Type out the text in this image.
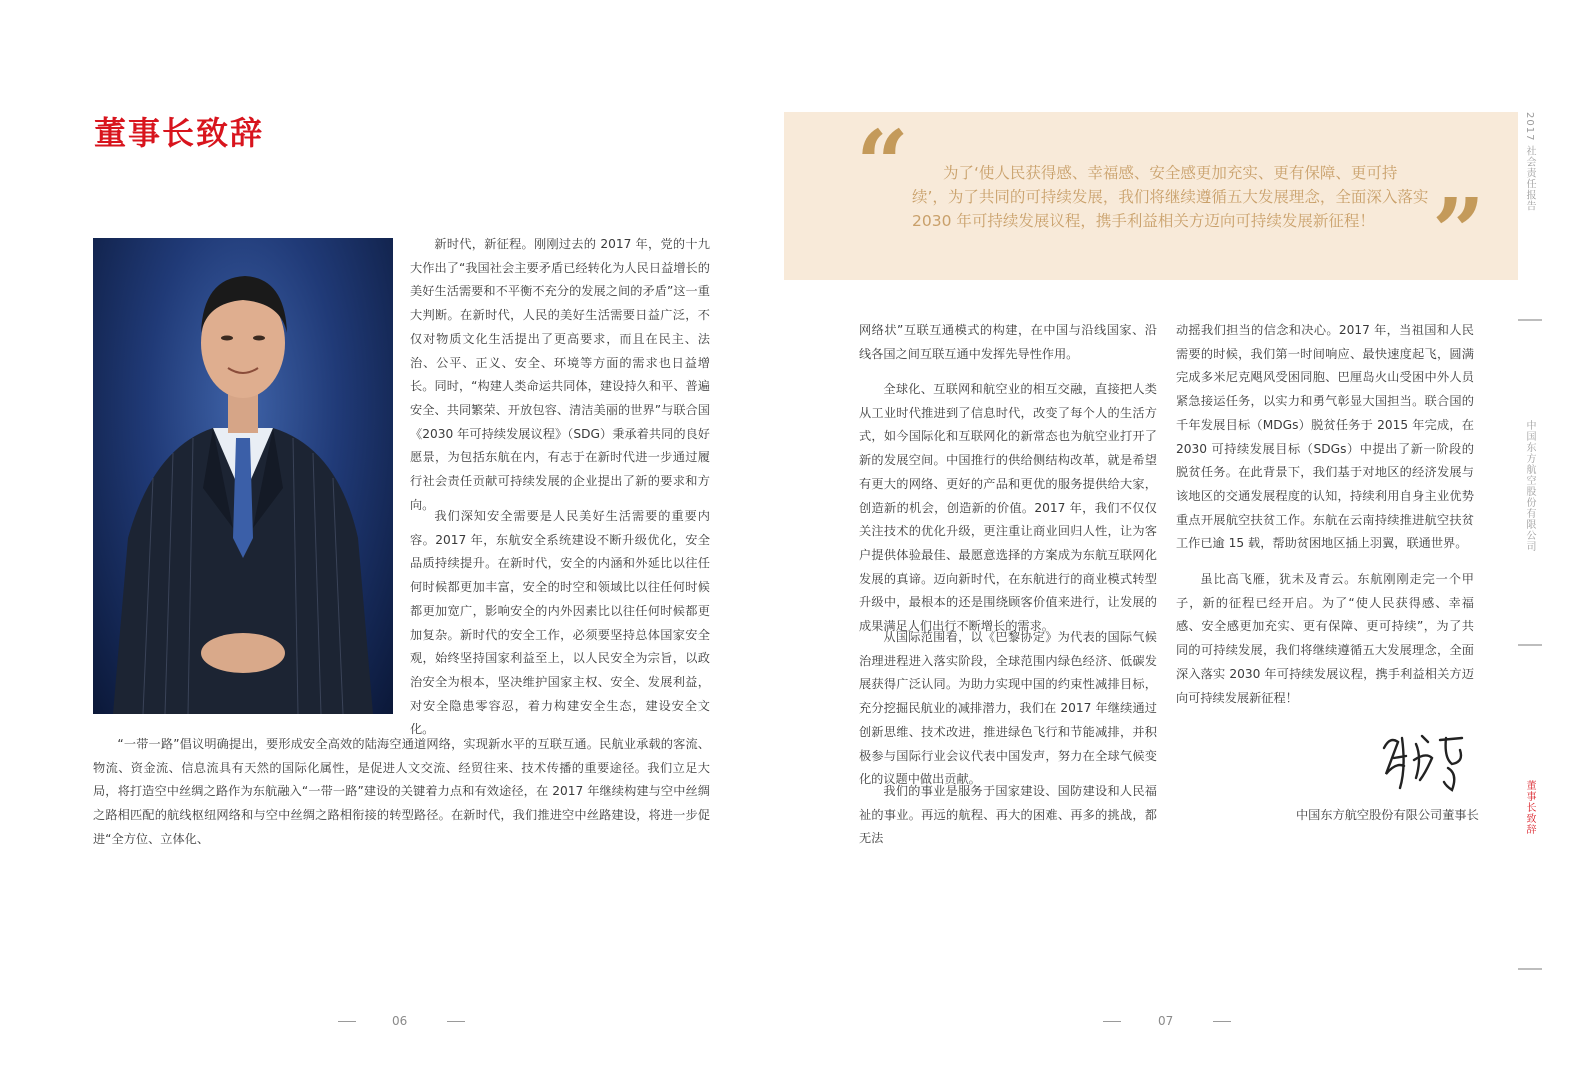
董事长致辞

新时代，新征程。刚刚过去的 2017 年，党的十九大作出了“我国社会主要矛盾已经转化为人民日益增长的美好生活需要和不平衡不充分的发展之间的矛盾”这一重大判断。在新时代，人民的美好生活需要日益广泛，不仅对物质文化生活提出了更高要求，而且在民主、法治、公平、正义、安全、环境等方面的需求也日益增长。同时，“构建人类命运共同体，建设持久和平、普遍安全、共同繁荣、开放包容、清洁美丽的世界”与联合国《2030 年可持续发展议程》（SDG）秉承着共同的良好愿景，为包括东航在内，有志于在新时代进一步通过履行社会责任贡献可持续发展的企业提出了新的要求和方向。

我们深知安全需要是人民美好生活需要的重要内容。2017 年，东航安全系统建设不断升级优化，安全品质持续提升。在新时代，安全的内涵和外延比以往任何时候都更加丰富，安全的时空和领域比以往任何时候都更加宽广，影响安全的内外因素比以往任何时候都更加复杂。新时代的安全工作，必须要坚持总体国家安全观，始终坚持国家利益至上，以人民安全为宗旨，以政治安全为根本，坚决维护国家主权、安全、发展利益，对安全隐患零容忍，着力构建安全生态，建设安全文化。

“一带一路”倡议明确提出，要形成安全高效的陆海空通道网络，实现新水平的互联互通。民航业承载的客流、物流、资金流、信息流具有天然的国际化属性，是促进人文交流、经贸往来、技术传播的重要途径。我们立足大局，将打造空中丝绸之路作为东航融入“一带一路”建设的关键着力点和有效途径，在 2017 年继续构建与空中丝绸之路相匹配的航线枢纽网络和与空中丝绸之路相衔接的转型路径。在新时代，我们推进空中丝路建设，将进一步促进“全方位、立体化、

“	为了‘使人民获得感、幸福感、安全感更加充实、更有保障、更可持续’，为了共同的可持续发展，我们将继续遵循五大发展理念，全面深入落实 2030 年可持续发展议程，携手利益相关方迈向可持续发展新征程！ ”

网络状”互联互通模式的构建，在中国与沿线国家、沿线各国之间互联互通中发挥先导性作用。

全球化、互联网和航空业的相互交融，直接把人类从工业时代推进到了信息时代，改变了每个人的生活方式，如今国际化和互联网化的新常态也为航空业打开了新的发展空间。中国推行的供给侧结构改革，就是希望有更大的网络、更好的产品和更优的服务提供给大家，创造新的机会，创造新的价值。2017 年，我们不仅仅关注技术的优化升级，更注重让商业回归人性，让为客户提供体验最佳、最愿意选择的方案成为东航互联网化发展的真谛。迈向新时代，在东航进行的商业模式转型升级中，最根本的还是围绕顾客价值来进行，让发展的成果满足人们出行不断增长的需求。

从国际范围看，以《巴黎协定》为代表的国际气候治理进程进入落实阶段，全球范围内绿色经济、低碳发展获得广泛认同。为助力实现中国的约束性减排目标，充分挖掘民航业的减排潜力，我们在 2017 年继续通过创新思维、技术改进，推进绿色飞行和节能减排，并积极参与国际行业会议代表中国发声，努力在全球气候变化的议题中做出贡献。

我们的事业是服务于国家建设、国防建设和人民福祉的事业。再远的航程、再大的困难、再多的挑战，都无法

动摇我们担当的信念和决心。2017 年，当祖国和人民需要的时候，我们第一时间响应、最快速度起飞，圆满完成多米尼克飓风受困同胞、巴厘岛火山受困中外人员紧急接运任务，以实力和勇气彰显大国担当。联合国的千年发展目标（MDGs）脱贫任务于 2015 年完成，在 2030 可持续发展目标（SDGs）中提出了新一阶段的脱贫任务。在此背景下，我们基于对地区的经济发展与该地区的交通发展程度的认知，持续利用自身主业优势重点开展航空扶贫工作。东航在云南持续推进航空扶贫工作已逾 15 载，帮助贫困地区插上羽翼，联通世界。

虽比高飞雁，犹未及青云。东航刚刚走完一个甲子，新的征程已经开启。为了“使人民获得感、幸福感、安全感更加充实、更有保障、更可持续”，为了共同的可持续发展，我们将继续遵循五大发展理念，全面深入落实 2030 年可持续发展议程，携手利益相关方迈向可持续发展新征程！

中国东方航空股份有限公司董事长
2017 社会责任报告
中国东方航空股份有限公司
董事长致辞
06	07
